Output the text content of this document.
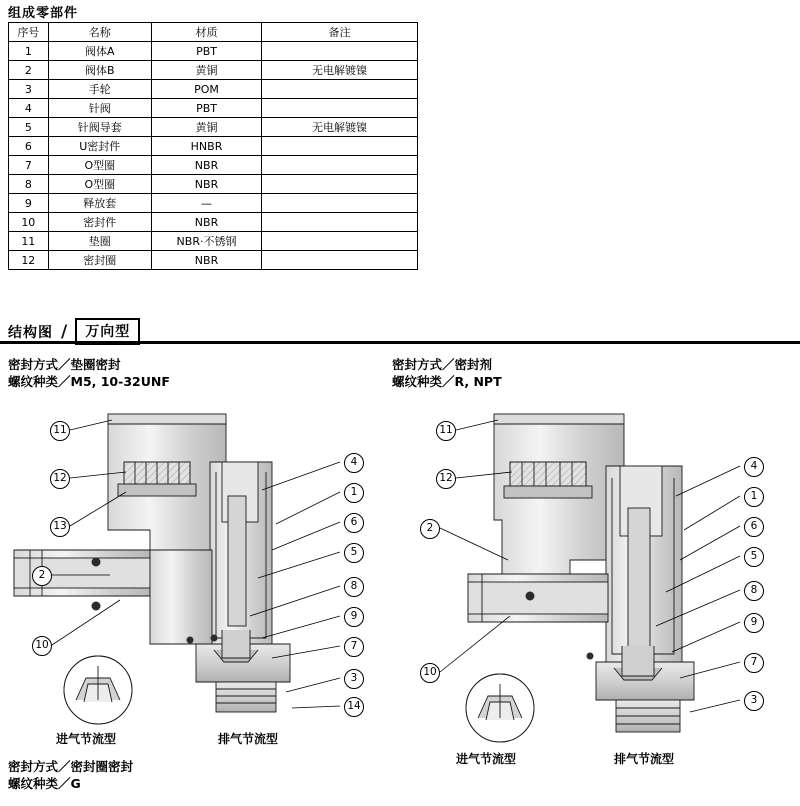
组成零部件
序号	名称	材质	备注
1	阀体A	PBT	
2	阀体B	黄铜	无电解镀镍
3	手轮	POM	
4	针阀	PBT	
5	针阀导套	黄铜	无电解镀镍
6	U密封件	HNBR	
7	O型圈	NBR	
8	O型圈	NBR	
9	释放套	—	
10	密封件	NBR	
11	垫圈	NBR·不锈钢	
12	密封圈	NBR	
结构图 /	万向型
密封方式／垫圈密封
螺纹种类／M5, 10-32UNF
密封方式／密封剂
螺纹种类／R, NPT
密封方式／密封圈密封
螺纹种类／G
11
12
13
2
10
4
1
6
5
8
9
7
3
14
进气节流型	排气节流型
11
12
2
10
4
1
6
5
8
9
7
3
进气节流型	排气节流型
